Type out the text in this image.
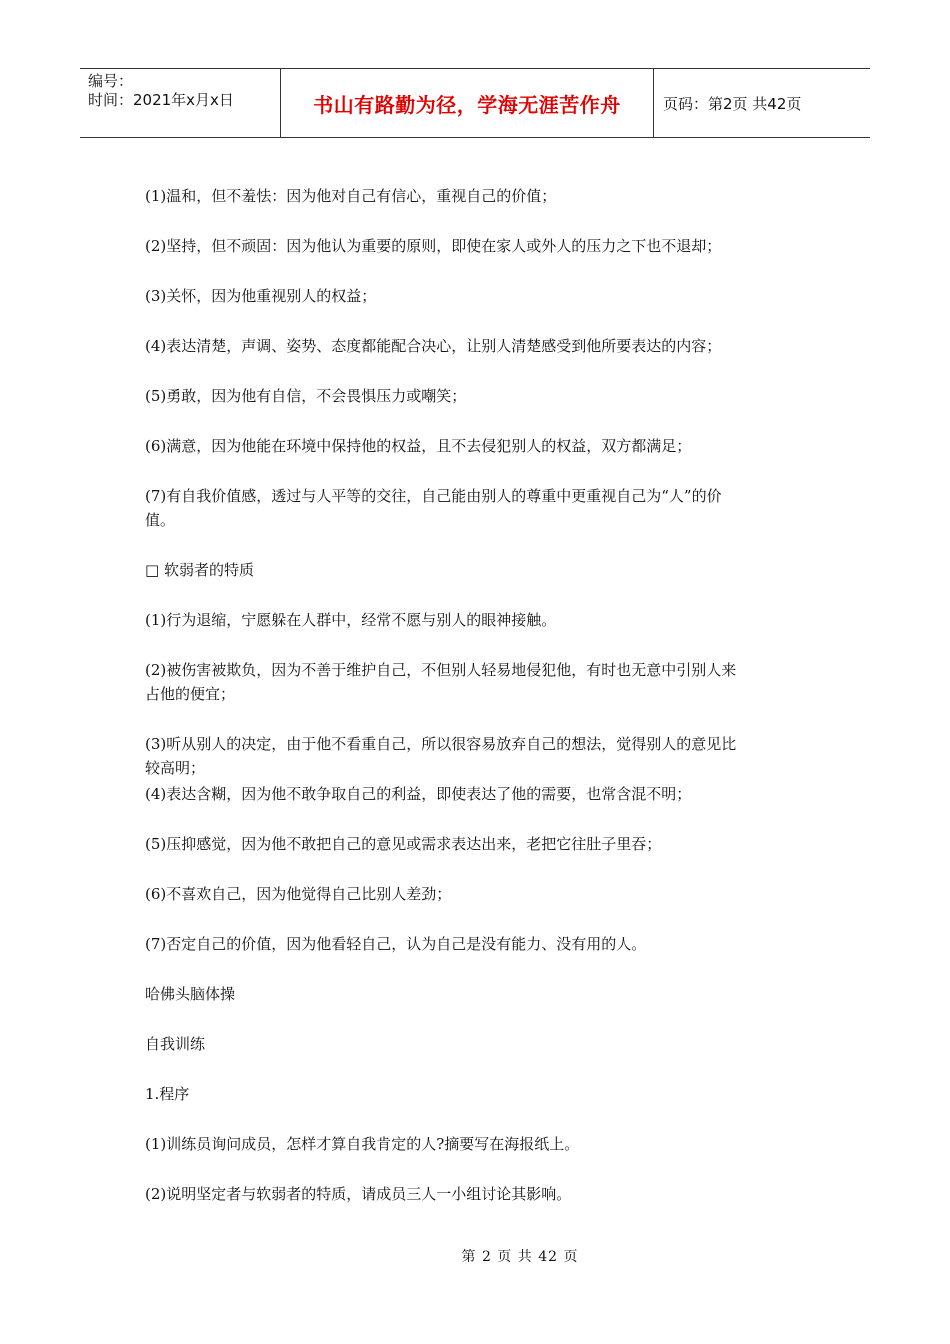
编号：
时间：2021年x月x日	书山有路勤为径，学海无涯苦作舟	页码：第2页 共42页
(1)温和，但不羞怯：因为他对自己有信心，重视自己的价值；
(2)坚持，但不顽固：因为他认为重要的原则，即使在家人或外人的压力之下也不退却；
(3)关怀，因为他重视别人的权益；
(4)表达清楚，声调、姿势、态度都能配合决心，让别人清楚感受到他所要表达的内容；
(5)勇敢，因为他有自信，不会畏惧压力或嘲笑；
(6)满意，因为他能在环境中保持他的权益，且不去侵犯别人的权益，双方都满足；
(7)有自我价值感，透过与人平等的交往，自己能由别人的尊重中更重视自己为“人”的价
值。
□ 软弱者的特质
(1)行为退缩，宁愿躲在人群中，经常不愿与别人的眼神接触。
(2)被伤害被欺负，因为不善于维护自己，不但别人轻易地侵犯他，有时也无意中引别人来
占他的便宜；
(3)听从别人的决定，由于他不看重自己，所以很容易放弃自己的想法，觉得别人的意见比
较高明；
(4)表达含糊，因为他不敢争取自己的利益，即使表达了他的需要，也常含混不明；
(5)压抑感觉，因为他不敢把自己的意见或需求表达出来，老把它往肚子里吞；
(6)不喜欢自己，因为他觉得自己比别人差劲；
(7)否定自己的价值，因为他看轻自己，认为自己是没有能力、没有用的人。
哈佛头脑体操
自我训练
1.程序
(1)训练员询问成员，怎样才算自我肯定的人?摘要写在海报纸上。
(2)说明坚定者与软弱者的特质，请成员三人一小组讨论其影响。
第 2 页 共 42 页
